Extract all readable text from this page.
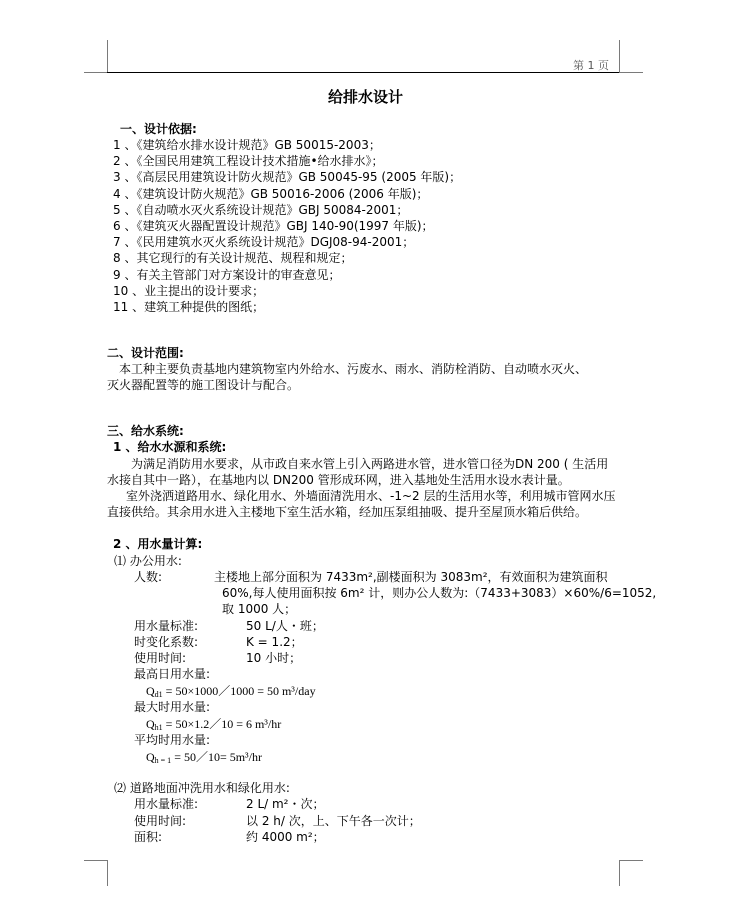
第 1 页
给排水设计
一、设计依据:
1 、《建筑给水排水设计规范》GB 50015-2003；
2 、《全国民用建筑工程设计技术措施•给水排水》；
3 、《高层民用建筑设计防火规范》GB 50045-95 (2005 年版)；
4 、《建筑设计防火规范》GB 50016-2006 (2006 年版)；
5 、《自动喷水灭火系统设计规范》GBJ 50084-2001；
6 、《建筑灭火器配置设计规范》GBJ 140-90(1997 年版)；
7 、《民用建筑水灭火系统设计规范》DGJ08-94-2001；
8 、其它现行的有关设计规范、规程和规定；
9 、有关主管部门对方案设计的审查意见；
10 、业主提出的设计要求；
11 、建筑工种提供的图纸；
二、设计范围:
本工种主要负责基地内建筑物室内外给水、污废水、雨水、消防栓消防、自动喷水灭火、
灭火器配置等的施工图设计与配合。
三、给水系统:
1 、给水水源和系统:
为满足消防用水要求，从市政自来水管上引入两路进水管，进水管口径为DN 200 ( 生活用
水接自其中一路），在基地内以 DN200 管形成环网，进入基地处生活用水设水表计量。
室外浇洒道路用水、绿化用水、外墙面清洗用水、-1~2 层的生活用水等，利用城市管网水压
直接供给。其余用水进入主楼地下室生活水箱，经加压泵组抽吸、提升至屋顶水箱后供给。
2 、用水量计算:
⑴ 办公用水:
人数:	主楼地上部分面积为 7433m²,副楼面积为 3083m²，有效面积为建筑面积
60%,每人使用面积按 6m² 计，则办公人数为:（7433+3083）×60%/6=1052,
取 1000 人；
用水量标准:	50 L/人・班；
时变化系数:	K = 1.2；
使用时间:	10 小时；
最高日用水量:
$Q_{d1}$ = 50×1000／1000 = 50 m³/day
最大时用水量:
$Q_{h1}$ = 50×1.2／10 = 6 m³/hr
平均时用水量:
$Q_{h = 1}$ = 50／10= 5m³/hr
⑵ 道路地面冲洗用水和绿化用水:
用水量标准:	2 L/ m²・次；
使用时间:	以 2 h/ 次，上、下午各一次计；
面积:	约 4000 m²；
